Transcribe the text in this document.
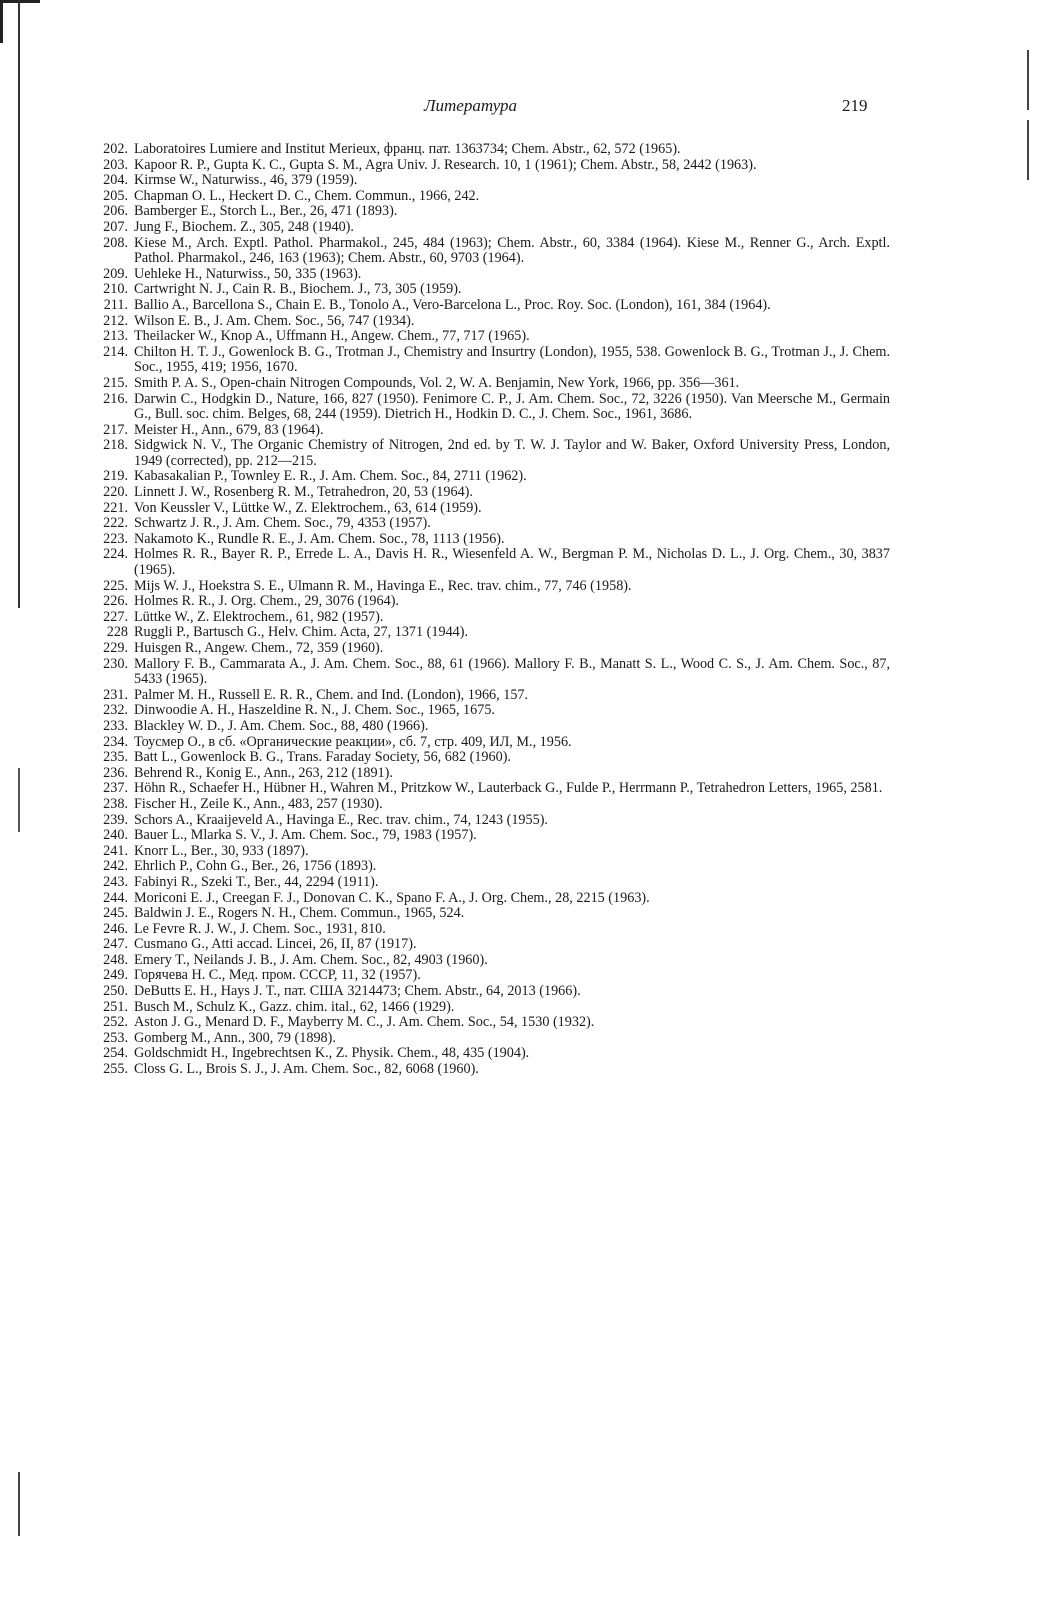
Литература	219
202. Laboratoires Lumiere and Institut Merieux, франц. пат. 1363734; Chem. Abstr., 62, 572 (1965).
203. Kapoor R. P., Gupta K. C., Gupta S. M., Agra Univ. J. Research. 10, 1 (1961); Chem. Abstr., 58, 2442 (1963).
204. Kirmse W., Naturwiss., 46, 379 (1959).
205. Chapman O. L., Heckert D. C., Chem. Commun., 1966, 242.
206. Bamberger E., Storch L., Ber., 26, 471 (1893).
207. Jung F., Biochem. Z., 305, 248 (1940).
208. Kiese M., Arch. Exptl. Pathol. Pharmakol., 245, 484 (1963); Chem. Abstr., 60, 3384 (1964). Kiese M., Renner G., Arch. Exptl. Pathol. Pharmakol., 246, 163 (1963); Chem. Abstr., 60, 9703 (1964).
209. Uehleke H., Naturwiss., 50, 335 (1963).
210. Cartwright N. J., Cain R. B., Biochem. J., 73, 305 (1959).
211. Ballio A., Barcellona S., Chain E. B., Tonolo A., Vero-Barcelona L., Proc. Roy. Soc. (London), 161, 384 (1964).
212. Wilson E. B., J. Am. Chem. Soc., 56, 747 (1934).
213. Theilacker W., Knop A., Uffmann H., Angew. Chem., 77, 717 (1965).
214. Chilton H. T. J., Gowenlock B. G., Trotman J., Chemistry and Insurtry (London), 1955, 538. Gowenlock B. G., Trotman J., J. Chem. Soc., 1955, 419; 1956, 1670.
215. Smith P. A. S., Open-chain Nitrogen Compounds, Vol. 2, W. A. Benjamin, New York, 1966, pp. 356—361.
216. Darwin C., Hodgkin D., Nature, 166, 827 (1950). Fenimore C. P., J. Am. Chem. Soc., 72, 3226 (1950). Van Meersche M., Germain G., Bull. soc. chim. Belges, 68, 244 (1959). Dietrich H., Hodkin D. C., J. Chem. Soc., 1961, 3686.
217. Meister H., Ann., 679, 83 (1964).
218. Sidgwick N. V., The Organic Chemistry of Nitrogen, 2nd ed. by T. W. J. Taylor and W. Baker, Oxford University Press, London, 1949 (corrected), pp. 212—215.
219. Kabasakalian P., Townley E. R., J. Am. Chem. Soc., 84, 2711 (1962).
220. Linnett J. W., Rosenberg R. M., Tetrahedron, 20, 53 (1964).
221. Von Keussler V., Lüttke W., Z. Elektrochem., 63, 614 (1959).
222. Schwartz J. R., J. Am. Chem. Soc., 79, 4353 (1957).
223. Nakamoto K., Rundle R. E., J. Am. Chem. Soc., 78, 1113 (1956).
224. Holmes R. R., Bayer R. P., Errede L. A., Davis H. R., Wiesenfeld A. W., Bergman P. M., Nicholas D. L., J. Org. Chem., 30, 3837 (1965).
225. Mijs W. J., Hoekstra S. E., Ulmann R. M., Havinga E., Rec. trav. chim., 77, 746 (1958).
226. Holmes R. R., J. Org. Chem., 29, 3076 (1964).
227. Lüttke W., Z. Elektrochem., 61, 982 (1957).
228 Ruggli P., Bartusch G., Helv. Chim. Acta, 27, 1371 (1944).
229. Huisgen R., Angew. Chem., 72, 359 (1960).
230. Mallory F. B., Cammarata A., J. Am. Chem. Soc., 88, 61 (1966). Mallory F. B., Manatt S. L., Wood C. S., J. Am. Chem. Soc., 87, 5433 (1965).
231. Palmer M. H., Russell E. R. R., Chem. and Ind. (London), 1966, 157.
232. Dinwoodie A. H., Haszeldine R. N., J. Chem. Soc., 1965, 1675.
233. Blackley W. D., J. Am. Chem. Soc., 88, 480 (1966).
234. Тоусмер О., в сб. «Органические реакции», сб. 7, стр. 409, ИЛ, М., 1956.
235. Batt L., Gowenlock B. G., Trans. Faraday Society, 56, 682 (1960).
236. Behrend R., Konig E., Ann., 263, 212 (1891).
237. Höhn R., Schaefer H., Hübner H., Wahren M., Pritzkow W., Lauterback G., Fulde P., Herrmann P., Tetrahedron Letters, 1965, 2581.
238. Fischer H., Zeile K., Ann., 483, 257 (1930).
239. Schors A., Kraaijeveld A., Havinga E., Rec. trav. chim., 74, 1243 (1955).
240. Bauer L., Mlarka S. V., J. Am. Chem. Soc., 79, 1983 (1957).
241. Knorr L., Ber., 30, 933 (1897).
242. Ehrlich P., Cohn G., Ber., 26, 1756 (1893).
243. Fabinyi R., Szeki T., Ber., 44, 2294 (1911).
244. Moriconi E. J., Creegan F. J., Donovan C. K., Spano F. A., J. Org. Chem., 28, 2215 (1963).
245. Baldwin J. E., Rogers N. H., Chem. Commun., 1965, 524.
246. Le Fevre R. J. W., J. Chem. Soc., 1931, 810.
247. Cusmano G., Atti accad. Lincei, 26, II, 87 (1917).
248. Emery T., Neilands J. B., J. Am. Chem. Soc., 82, 4903 (1960).
249. Горячева Н. С., Мед. пром. СССР, 11, 32 (1957).
250. DeButts E. H., Hays J. T., пат. США 3214473; Chem. Abstr., 64, 2013 (1966).
251. Busch M., Schulz K., Gazz. chim. ital., 62, 1466 (1929).
252. Aston J. G., Menard D. F., Mayberry M. C., J. Am. Chem. Soc., 54, 1530 (1932).
253. Gomberg M., Ann., 300, 79 (1898).
254. Goldschmidt H., Ingebrechtsen K., Z. Physik. Chem., 48, 435 (1904).
255. Closs G. L., Brois S. J., J. Am. Chem. Soc., 82, 6068 (1960).
